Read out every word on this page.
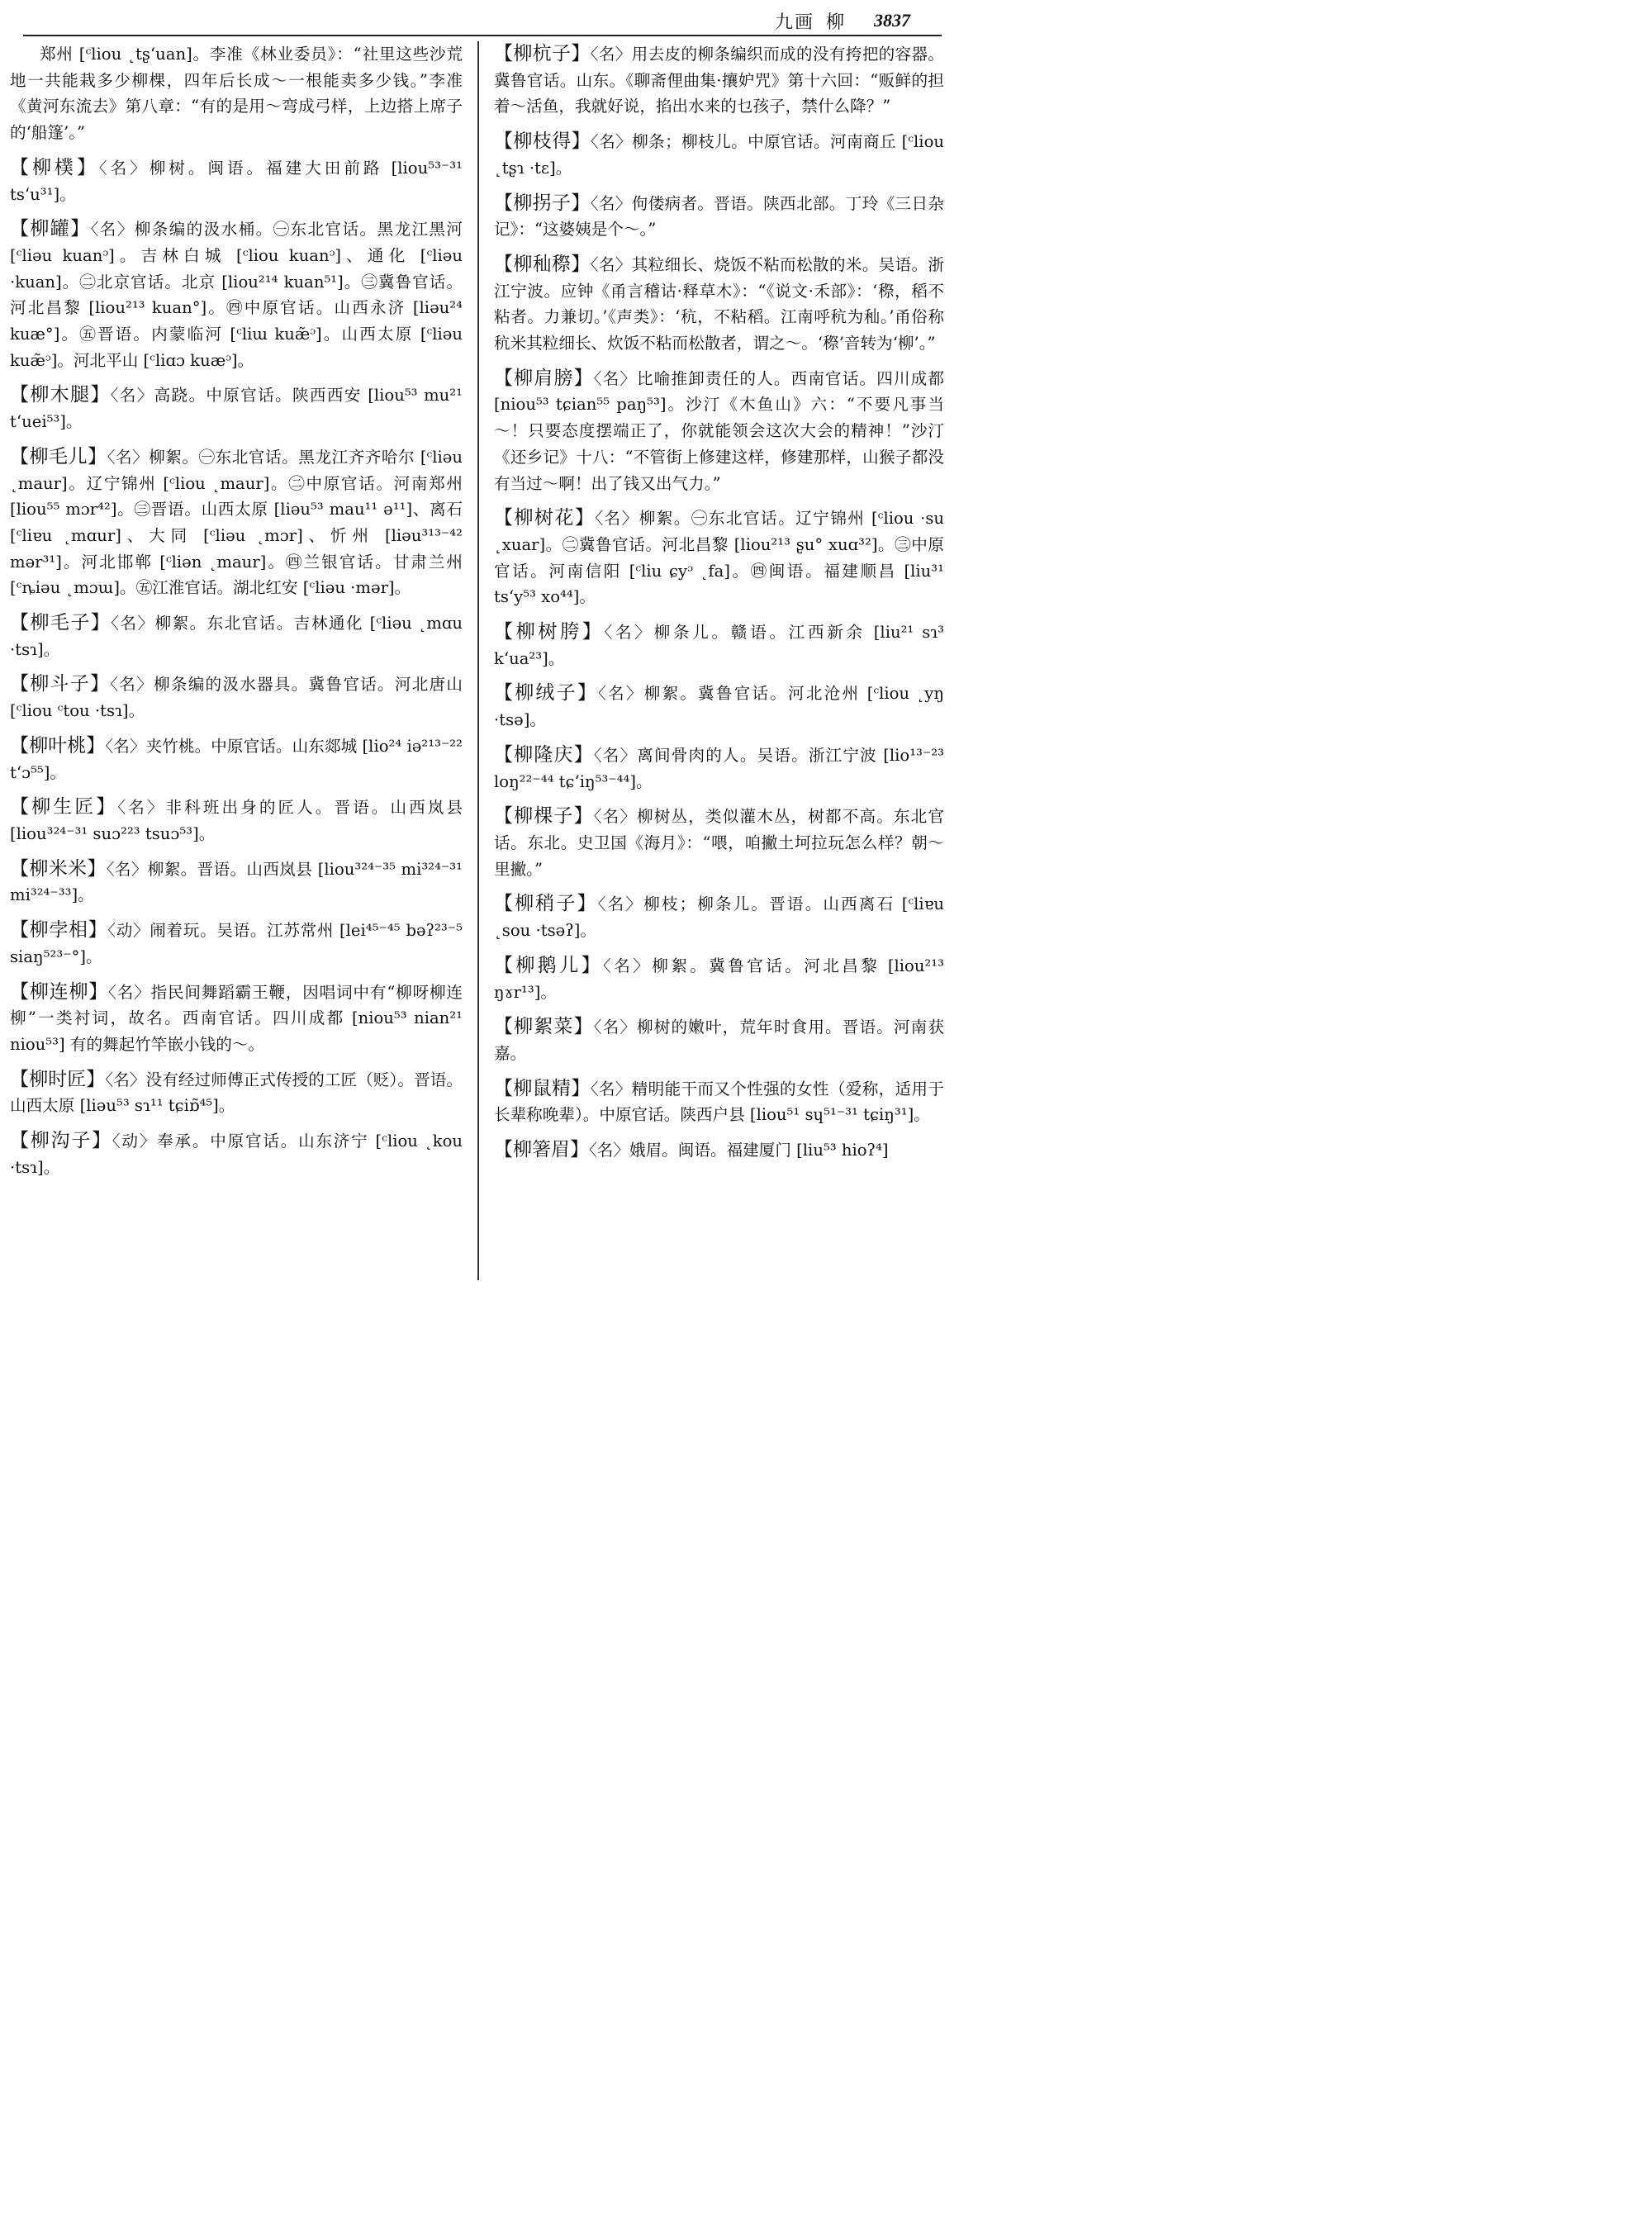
九画 柳 3837

郑州 [ᶜliou ˛tʂ‘uan]。李准《林业委员》：“社里这些沙荒地一共能栽多少柳棵，四年后长成～一根能卖多少钱。”李准《黄河东流去》第八章：“有的是用～弯成弓样，上边搭上席子的‘船篷’。”

【柳樸】〈名〉柳树。闽语。福建大田前路 [liou⁵³⁻³¹ ts‘u³¹]。

【柳罐】〈名〉柳条编的汲水桶。㊀东北官话。黑龙江黑河 [ᶜliəu kuanᵓ]。吉林白城 [ᶜliou kuanᵓ]、通化 [ᶜliəu ·kuan]。㊁北京官话。北京 [liou²¹⁴ kuan⁵¹]。㊂冀鲁官话。河北昌黎 [liou²¹³ kuan°]。㊃中原官话。山西永济 [liəu²⁴ kuæ°]。㊄晋语。内蒙临河 [ᶜliɯ kuæ̃ᵓ]。山西太原 [ᶜliəu kuæ̃ᵓ]。河北平山 [ᶜliɑɔ kuæᵓ]。

【柳木腿】〈名〉高跷。中原官话。陕西西安 [liou⁵³ mu²¹ t‘uei⁵³]。

【柳毛儿】〈名〉柳絮。㊀东北官话。黑龙江齐齐哈尔 [ᶜliəu ˛maur]。辽宁锦州 [ᶜliou ˛maur]。㊁中原官话。河南郑州 [liou⁵⁵ mɔr⁴²]。㊂晋语。山西太原 [liəu⁵³ mau¹¹ ə¹¹]、离石 [ᶜliɐu ˛mɑur]、大同 [ᶜliəu ˛mɔr]、忻州 [liəu³¹³⁻⁴² mər³¹]。河北邯郸 [ᶜliən ˛maur]。㊃兰银官话。甘肃兰州 [ᶜȵiəu ˛mɔɯ]。㊄江淮官话。湖北红安 [ᶜliəu ·mər]。

【柳毛子】〈名〉柳絮。东北官话。吉林通化 [ᶜliəu ˛mɑu ·tsɿ]。

【柳斗子】〈名〉柳条编的汲水器具。冀鲁官话。河北唐山 [ᶜliou ᶜtou ·tsɿ]。

【柳叶桃】〈名〉夹竹桃。中原官话。山东郯城 [lio²⁴ iə²¹³⁻²² t‘ɔ⁵⁵]。

【柳生匠】〈名〉非科班出身的匠人。晋语。山西岚县 [liou³²⁴⁻³¹ suɔ²²³ tsuɔ⁵³]。

【柳米米】〈名〉柳絮。晋语。山西岚县 [liou³²⁴⁻³⁵ mi³²⁴⁻³¹ mi³²⁴⁻³³]。

【柳孛相】〈动〉闹着玩。吴语。江苏常州 [lei⁴⁵⁻⁴⁵ bəʔ²³⁻⁵ siaŋ⁵²³⁻°]。

【柳连柳】〈名〉指民间舞蹈霸王鞭，因唱词中有“柳呀柳连柳”一类衬词，故名。西南官话。四川成都 [niou⁵³ nian²¹ niou⁵³] 有的舞起竹竿嵌小钱的～。

【柳时匠】〈名〉没有经过师傅正式传授的工匠（贬）。晋语。山西太原 [liəu⁵³ sɿ¹¹ tɕiɒ̃⁴⁵]。

【柳沟子】〈动〉奉承。中原官话。山东济宁 [ᶜliou ˛kou ·tsɿ]。

【柳杭子】〈名〉用去皮的柳条编织而成的没有挎把的容器。冀鲁官话。山东。《聊斋俚曲集·攘妒咒》第十六回：“贩鲜的担着～活鱼，我就好说，掐出水来的乜孩子，禁什么降？”

【柳枝得】〈名〉柳条；柳枝儿。中原官话。河南商丘 [ᶜliou ˛tʂɿ ·tɛ]。

【柳拐子】〈名〉佝偻病者。晋语。陕西北部。丁玲《三日杂记》：“这婆姨是个～。”

【柳秈穄】〈名〉其粒细长、烧饭不粘而松散的米。吴语。浙江宁波。应钟《甬言稽诂·释草木》：“《说文·禾部》：‘穄，稻不粘者。力兼切。’《声类》：‘秔，不粘稻。江南呼秔为秈。’甬俗称秔米其粒细长、炊饭不粘而松散者，谓之～。‘穄’音转为‘柳’。”

【柳肩膀】〈名〉比喻推卸责任的人。西南官话。四川成都 [niou⁵³ tɕian⁵⁵ paŋ⁵³]。沙汀《木鱼山》六：“不要凡事当～！只要态度摆端正了，你就能领会这次大会的精神！”沙汀《还乡记》十八：“不管街上修建这样，修建那样，山猴子都没有当过～啊！出了钱又出气力。”

【柳树花】〈名〉柳絮。㊀东北官话。辽宁锦州 [ᶜliou ·su ˛xuar]。㊁冀鲁官话。河北昌黎 [liou²¹³ ʂu° xuɑ³²]。㊂中原官话。河南信阳 [ᶜliu ɕyᵓ ˛fa]。㊃闽语。福建顺昌 [liu³¹ ts‘y⁵³ xo⁴⁴]。

【柳树胯】〈名〉柳条儿。赣语。江西新余 [liu²¹ sɿ³ k‘ua²³]。

【柳绒子】〈名〉柳絮。冀鲁官话。河北沧州 [ᶜliou ˛yŋ ·tsə]。

【柳隆庆】〈名〉离间骨肉的人。吴语。浙江宁波 [lio¹³⁻²³ loŋ²²⁻⁴⁴ tɕ‘iŋ⁵³⁻⁴⁴]。

【柳棵子】〈名〉柳树丛，类似灌木丛，树都不高。东北官话。东北。史卫国《海月》：“喂，咱撇土坷拉玩怎么样？朝～里撇。”

【柳稍子】〈名〉柳枝；柳条儿。晋语。山西离石 [ᶜliɐu ˛sou ·tsəʔ]。

【柳鹅儿】〈名〉柳絮。冀鲁官话。河北昌黎 [liou²¹³ ŋɤr¹³]。

【柳絮菜】〈名〉柳树的嫩叶，荒年时食用。晋语。河南获嘉。

【柳鼠精】〈名〉精明能干而又个性强的女性（爱称，适用于长辈称晚辈）。中原官话。陕西户县 [liou⁵¹ sɥ⁵¹⁻³¹ tɕiŋ³¹]。

【柳箸眉】〈名〉娥眉。闽语。福建厦门 [liu⁵³ hioʔ⁴]
